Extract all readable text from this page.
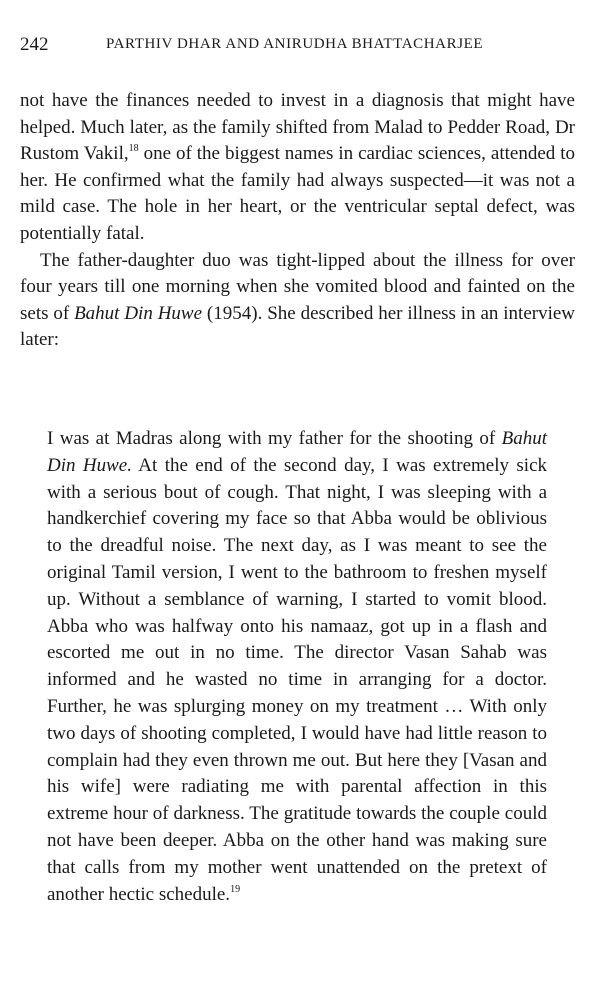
242	PARTHIV DHAR AND ANIRUDHA BHATTACHARJEE

not have the finances needed to invest in a diagnosis that might have helped. Much later, as the family shifted from Malad to Pedder Road, Dr Rustom Vakil,$^{18}$ one of the biggest names in cardiac sciences, attended to her. He confirmed what the family had always suspected—it was not a mild case. The hole in her heart, or the ventricular septal defect, was potentially fatal.

The father-daughter duo was tight-lipped about the illness for over four years till one morning when she vomited blood and fainted on the sets of Bahut Din Huwe (1954). She described her illness in an interview later:

I was at Madras along with my father for the shooting of Bahut Din Huwe. At the end of the second day, I was extremely sick with a serious bout of cough. That night, I was sleeping with a handkerchief covering my face so that Abba would be oblivious to the dreadful noise. The next day, as I was meant to see the original Tamil version, I went to the bathroom to freshen myself up. Without a semblance of warning, I started to vomit blood. Abba who was halfway onto his namaaz, got up in a flash and escorted me out in no time. The director Vasan Sahab was informed and he wasted no time in arranging for a doctor. Further, he was splurging money on my treatment … With only two days of shooting completed, I would have had little reason to complain had they even thrown me out. But here they [Vasan and his wife] were radiating me with parental affection in this extreme hour of darkness. The gratitude towards the couple could not have been deeper. Abba on the other hand was making sure that calls from my mother went unattended on the pretext of another hectic schedule.$^{19}$
